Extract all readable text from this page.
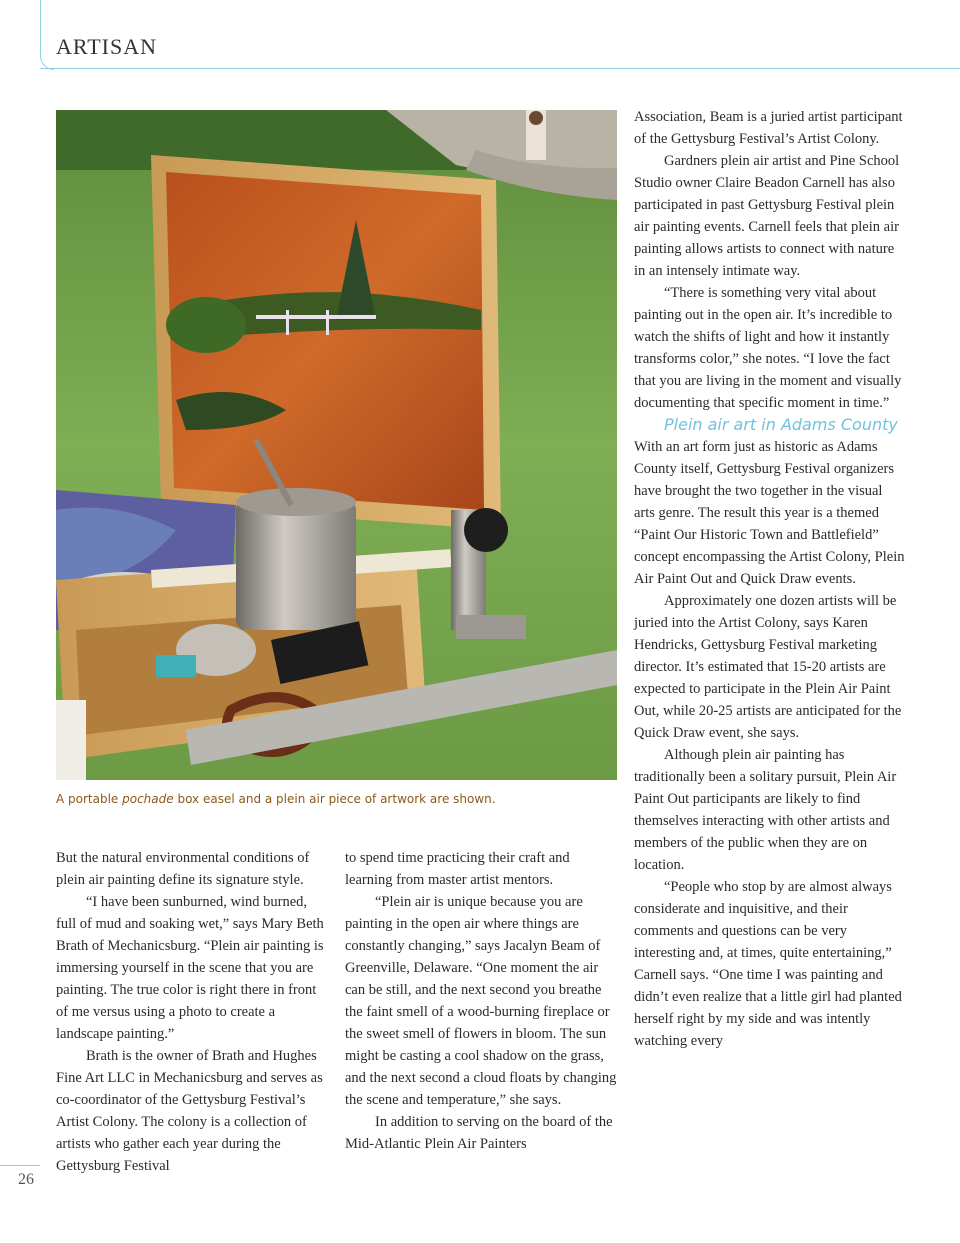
ARTISAN
A portable pochade box easel and a plein air piece of artwork are shown.

But the natural environmental conditions of plein air painting define its signature style.

“I have been sunburned, wind burned, full of mud and soaking wet,” says Mary Beth Brath of Mechanicsburg. “Plein air painting is immersing yourself in the scene that you are painting. The true color is right there in front of me versus using a photo to create a landscape painting.”

Brath is the owner of Brath and Hughes Fine Art LLC in Mechanicsburg and serves as co-coordinator of the Gettysburg Festival’s Artist Colony. The colony is a collection of artists who gather each year during the Gettysburg Festival

to spend time practicing their craft and learning from master artist mentors.

“Plein air is unique because you are painting in the open air where things are constantly changing,” says Jacalyn Beam of Greenville, Delaware. “One moment the air can be still, and the next second you breathe the faint smell of a wood-burning fireplace or the sweet smell of flowers in bloom. The sun might be casting a cool shadow on the grass, and the next second a cloud floats by changing the scene and temperature,” she says.

In addition to serving on the board of the Mid-Atlantic Plein Air Painters

Association, Beam is a juried artist participant of the Gettysburg Festival’s Artist Colony.

Gardners plein air artist and Pine School Studio owner Claire Beadon Carnell has also participated in past Gettysburg Festival plein air painting events. Carnell feels that plein air painting allows artists to connect with nature in an intensely intimate way.

“There is something very vital about painting out in the open air. It’s incredible to watch the shifts of light and how it instantly transforms color,” she notes. “I love the fact that you are living in the moment and visually documenting that specific moment in time.”

Plein air art in Adams County

With an art form just as historic as Adams County itself, Gettysburg Festival organizers have brought the two together in the visual arts genre. The result this year is a themed “Paint Our Historic Town and Battlefield” concept encompassing the Artist Colony, Plein Air Paint Out and Quick Draw events.

Approximately one dozen artists will be juried into the Artist Colony, says Karen Hendricks, Gettysburg Festival marketing director. It’s estimated that 15-20 artists are expected to participate in the Plein Air Paint Out, while 20-25 artists are anticipated for the Quick Draw event, she says.

Although plein air painting has traditionally been a solitary pursuit, Plein Air Paint Out participants are likely to find themselves interacting with other artists and members of the public when they are on location.

“People who stop by are almost always considerate and inquisitive, and their comments and questions can be very interesting and, at times, quite entertaining,” Carnell says. “One time I was painting and didn’t even realize that a little girl had planted herself right by my side and was intently watching every

26
